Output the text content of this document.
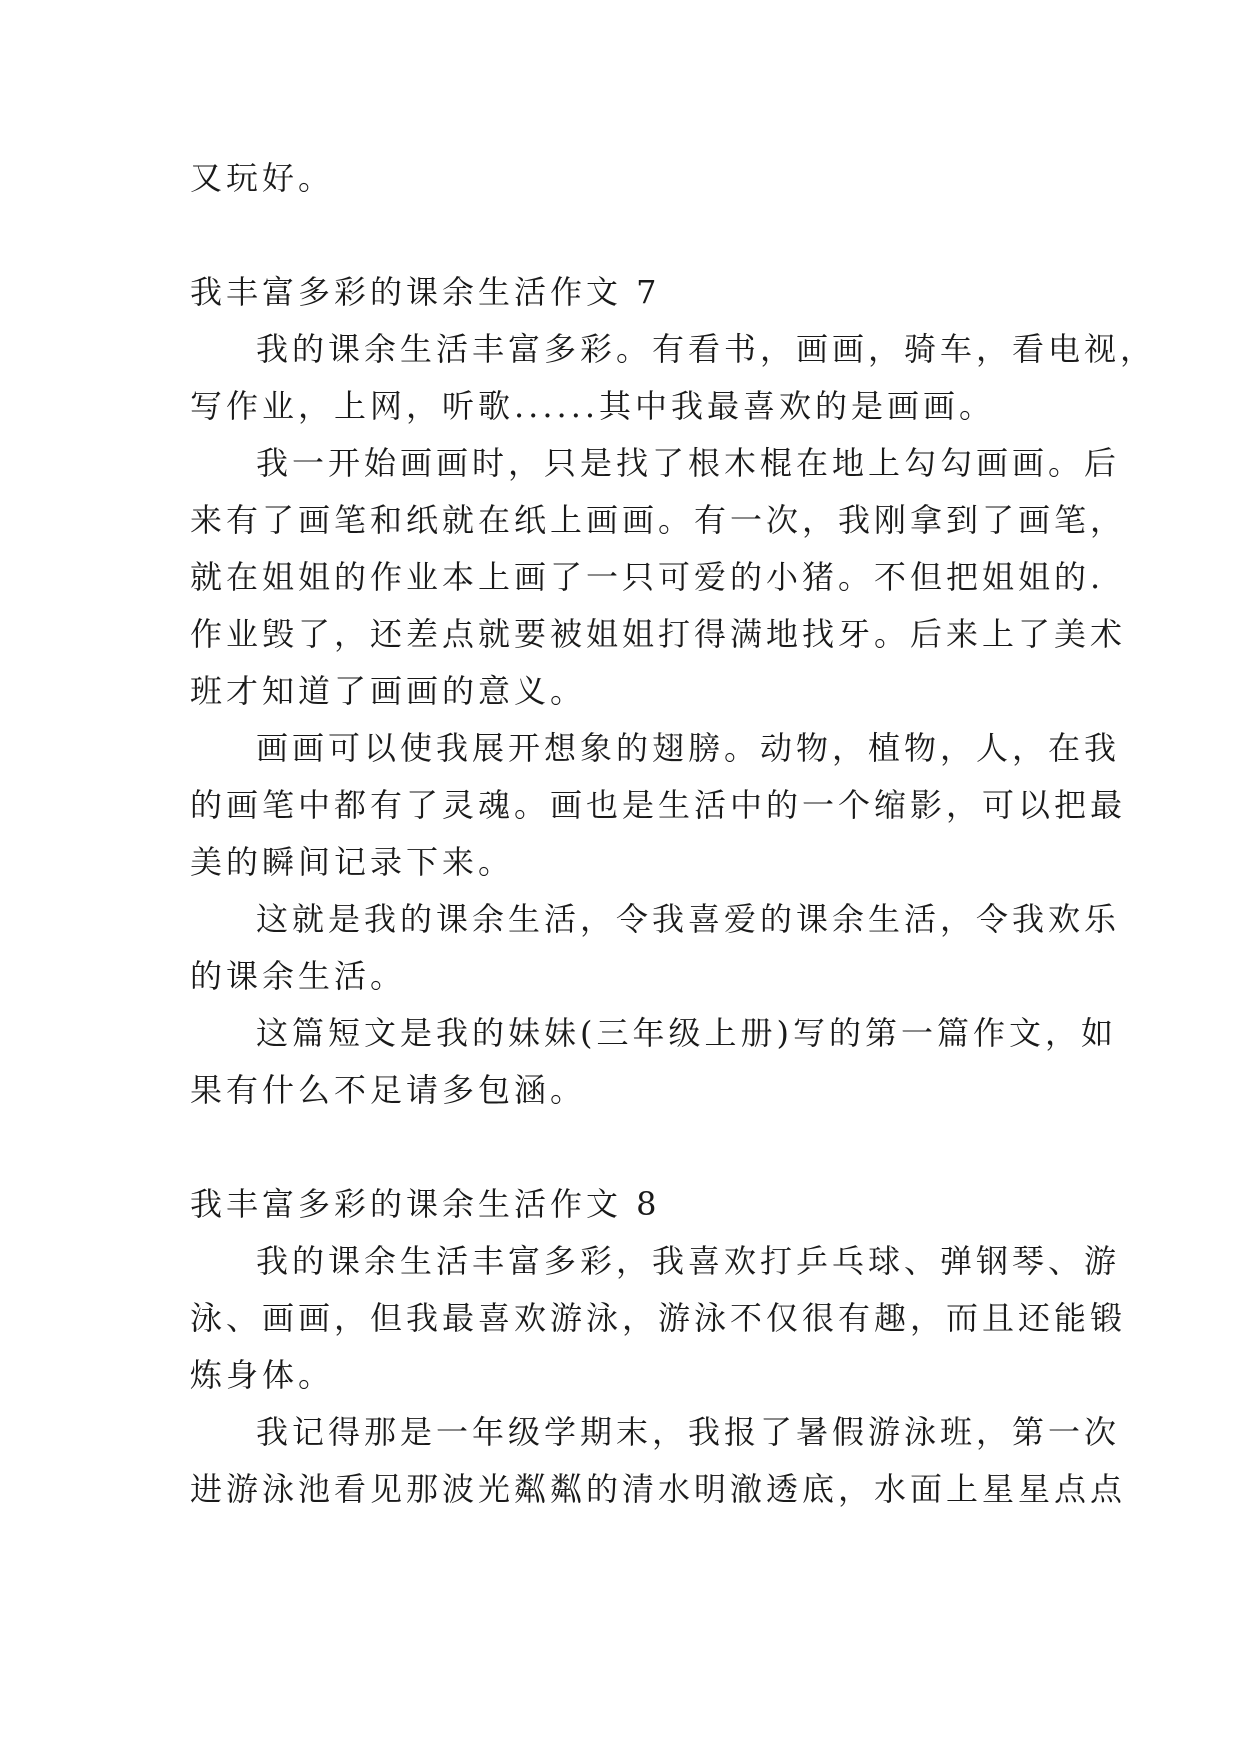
又玩好。
我丰富多彩的课余生活作文 7
我的课余生活丰富多彩。有看书，画画，骑车，看电视，
写作业，上网，听歌......其中我最喜欢的是画画。
我一开始画画时，只是找了根木棍在地上勾勾画画。后
来有了画笔和纸就在纸上画画。有一次，我刚拿到了画笔，
就在姐姐的作业本上画了一只可爱的小猪。不但把姐姐的.
作业毁了，还差点就要被姐姐打得满地找牙。后来上了美术
班才知道了画画的意义。
画画可以使我展开想象的翅膀。动物，植物，人，在我
的画笔中都有了灵魂。画也是生活中的一个缩影，可以把最
美的瞬间记录下来。
这就是我的课余生活，令我喜爱的课余生活，令我欢乐
的课余生活。
这篇短文是我的妹妹(三年级上册)写的第一篇作文，如
果有什么不足请多包涵。
我丰富多彩的课余生活作文 8
我的课余生活丰富多彩，我喜欢打乒乓球、弹钢琴、游
泳、画画，但我最喜欢游泳，游泳不仅很有趣，而且还能锻
炼身体。
我记得那是一年级学期末，我报了暑假游泳班，第一次
进游泳池看见那波光粼粼的清水明澈透底，水面上星星点点
